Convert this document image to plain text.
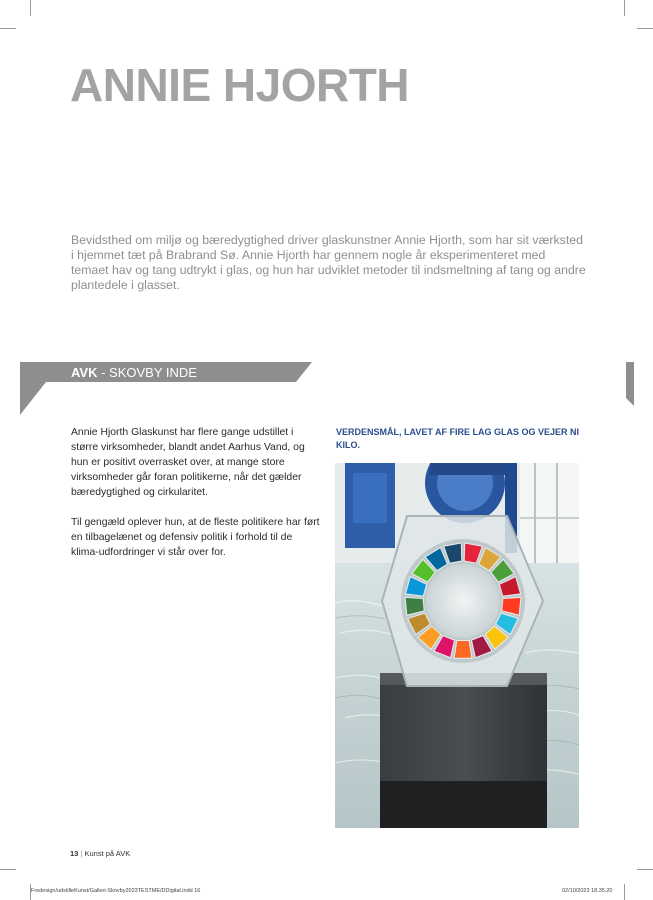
ANNIE HJORTH

Bevidsthed om miljø og bæredygtighed driver glaskunstner Annie Hjorth, som har sit værksted i hjemmet tæt på Brabrand Sø. Annie Hjorth har gennem nogle år eksperimenteret med temaet hav og tang udtrykt i glas, og hun har udviklet metoder til indsmeltning af tang og andre plantedele i glasset.

AVK - SKOVBY INDE

Annie Hjorth Glaskunst har flere gange udstillet i større virksomheder, blandt andet Aarhus Vand, og hun er positivt overrasket over, at mange store virksomheder går foran politikerne, når det gælder bæredygtighed og cirkularitet.

Til gengæld oplever hun, at de fleste politikere har ført en tilbagelænet og defensiv politik i forhold til de klima-udfordringer vi står over for.

VERDENSMÅL, LAVET AF FIRE LAG GLAS OG VEJER NI KILO.

13 | Kunst på AVK
Fredesign/udstilleKunst/Galleri-Skovby2023TESTME/DDigital.indd 16	02/10/2023 18.35.20
